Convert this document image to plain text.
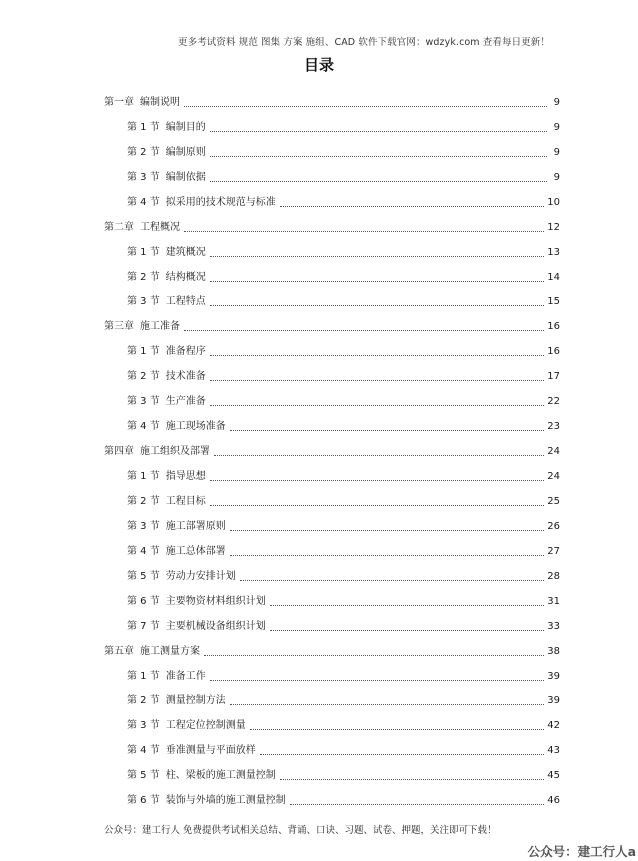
更多考试资料 规范 图集 方案 施组、CAD 软件下载官网：wdzyk.com 查看每日更新！
目录
第一章 编制说明	9
第 1 节 编制目的	9
第 2 节 编制原则	9
第 3 节 编制依据	9
第 4 节 拟采用的技术规范与标准	10
第二章 工程概况	12
第 1 节 建筑概况	13
第 2 节 结构概况	14
第 3 节 工程特点	15
第三章 施工准备	16
第 1 节 准备程序	16
第 2 节 技术准备	17
第 3 节 生产准备	22
第 4 节 施工现场准备	23
第四章 施工组织及部署	24
第 1 节 指导思想	24
第 2 节 工程目标	25
第 3 节 施工部署原则	26
第 4 节 施工总体部署	27
第 5 节 劳动力安排计划	28
第 6 节 主要物资材料组织计划	31
第 7 节 主要机械设备组织计划	33
第五章 施工测量方案	38
第 1 节 准备工作	39
第 2 节 测量控制方法	39
第 3 节 工程定位控制测量	42
第 4 节 垂准测量与平面放样	43
第 5 节 柱、梁板的施工测量控制	45
第 6 节 装饰与外墙的施工测量控制	46
公众号：建工行人 免费提供考试相关总结、背诵、口诀、习题、试卷、押题，关注即可下载！
公众号：建工行人a
